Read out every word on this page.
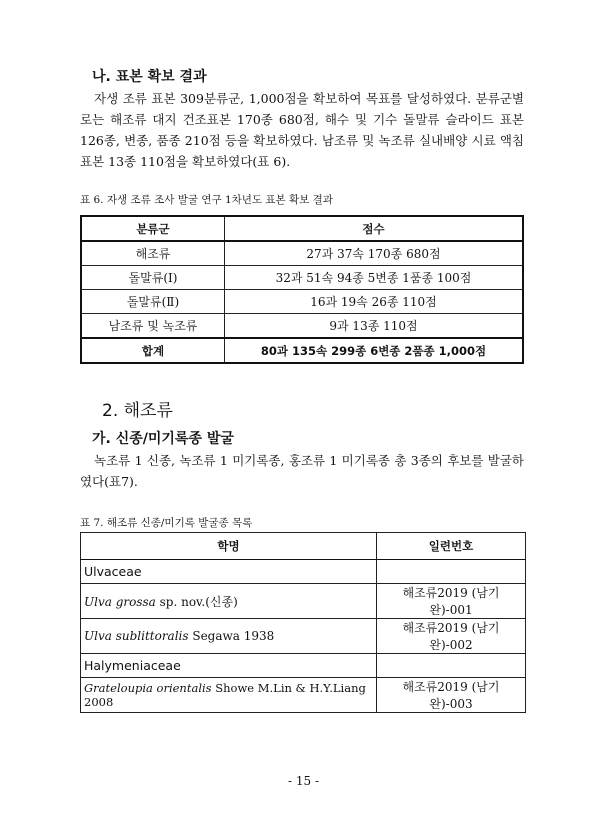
나. 표본 확보 결과
자생 조류 표본 309분류군, 1,000점을 확보하여 목표를 달성하였다. 분류군별로는 해조류 대지 건조표본 170종 680점, 해수 및 기수 돌말류 슬라이드 표본 126종, 변종, 품종 210점 등을 확보하였다. 남조류 및 녹조류 실내배양 시료 액침 표본 13종 110점을 확보하였다(표 6).
표 6. 자생 조류 조사 발굴 연구 1차년도 표본 확보 결과
분류군	점수
해조류	27과 37속 170종 680점
돌말류(Ⅰ)	32과 51속 94종 5변종 1품종 100점
돌말류(Ⅱ)	16과 19속 26종 110점
남조류 및 녹조류	9과 13종 110점
합계	80과 135속 299종 6변종 2품종 1,000점
2. 해조류
가. 신종/미기록종 발굴
녹조류 1 신종, 녹조류 1 미기록종, 홍조류 1 미기록종 총 3종의 후보를 발굴하였다(표7).
표 7. 해조류 신종/미기록 발굴종 목록
학명	일련번호
Ulvaceae	
Ulva grossa sp. nov.(신종)	해조류2019 (남기완)-001
Ulva sublittoralis Segawa 1938	해조류2019 (남기완)-002
Halymeniaceae	
Grateloupia orientalis Showe M.Lin & H.Y.Liang 2008	해조류2019 (남기완)-003
- 15 -
